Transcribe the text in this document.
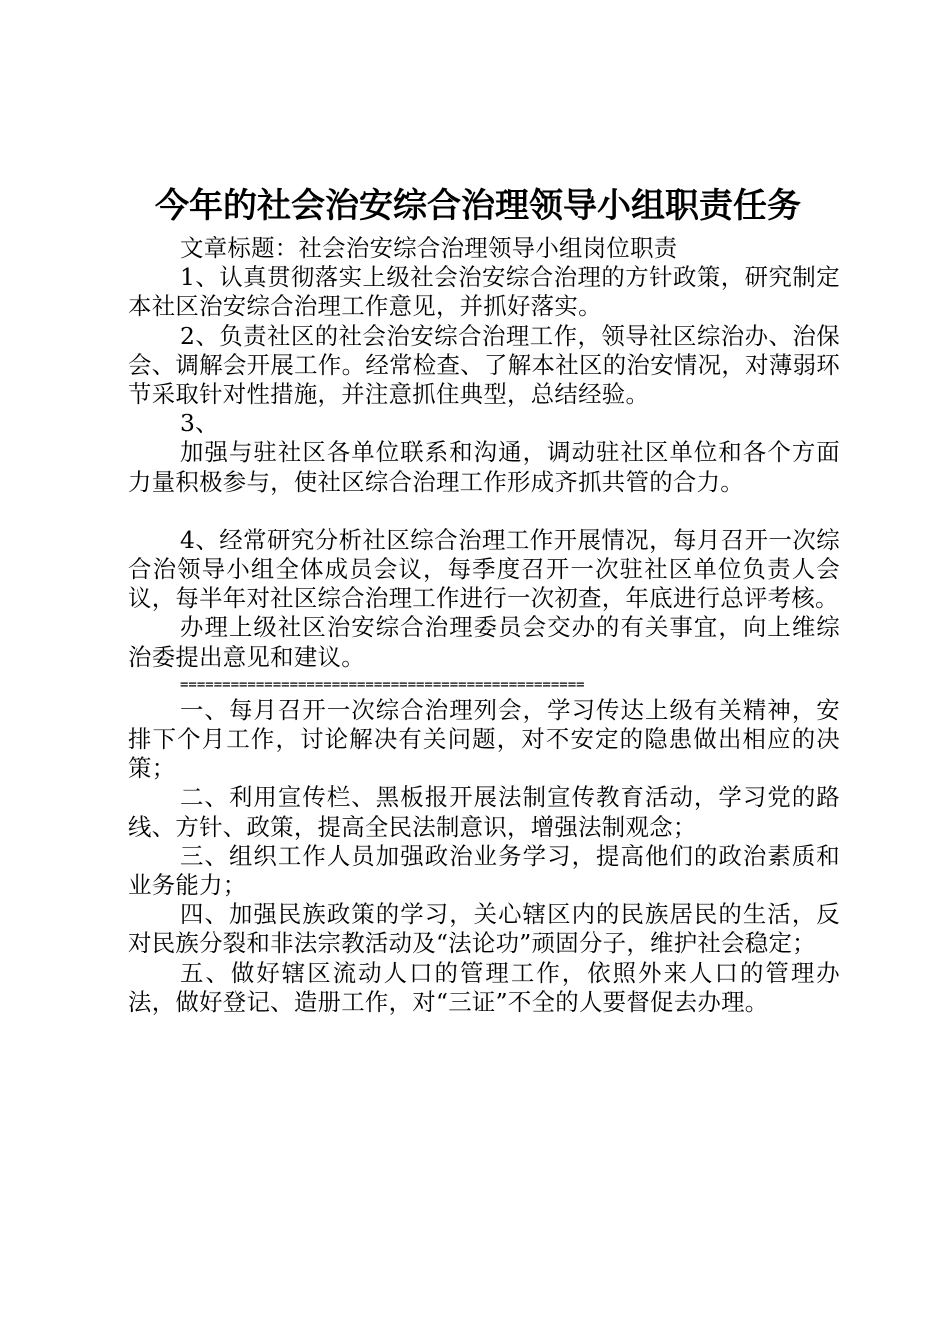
今年的社会治安综合治理领导小组职责任务

文章标题：社会治安综合治理领导小组岗位职责

1、认真贯彻落实上级社会治安综合治理的方针政策，研究制定本社区治安综合治理工作意见，并抓好落实。

2、负责社区的社会治安综合治理工作，领导社区综治办、治保会、调解会开展工作。经常检查、了解本社区的治安情况，对薄弱环节采取针对性措施，并注意抓住典型，总结经验。

3、

加强与驻社区各单位联系和沟通，调动驻社区单位和各个方面力量积极参与，使社区综合治理工作形成齐抓共管的合力。

4、经常研究分析社区综合治理工作开展情况，每月召开一次综合治领导小组全体成员会议，每季度召开一次驻社区单位负责人会议，每半年对社区综合治理工作进行一次初查，年底进行总评考核。

办理上级社区治安综合治理委员会交办的有关事宜，向上维综治委提出意见和建议。

================================================

一、每月召开一次综合治理列会，学习传达上级有关精神，安排下个月工作，讨论解决有关问题，对不安定的隐患做出相应的决策；

二、利用宣传栏、黑板报开展法制宣传教育活动，学习党的路线、方针、政策，提高全民法制意识，增强法制观念；

三、组织工作人员加强政治业务学习，提高他们的政治素质和业务能力；

四、加强民族政策的学习，关心辖区内的民族居民的生活，反对民族分裂和非法宗教活动及“法论功”顽固分子，维护社会稳定；

五、做好辖区流动人口的管理工作，依照外来人口的管理办法，做好登记、造册工作，对“三证”不全的人要督促去办理。
